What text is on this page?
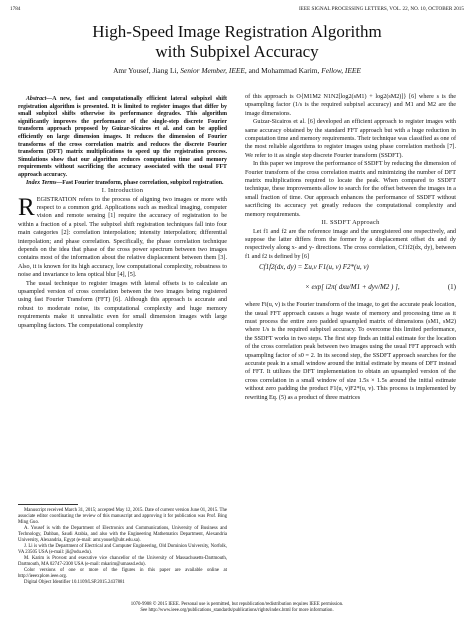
1784	IEEE SIGNAL PROCESSING LETTERS, VOL. 22, NO. 10, OCTOBER 2015
High-Speed Image Registration Algorithm
with Subpixel Accuracy
Amr Yousef, Jiang Li, Senior Member, IEEE, and Mohammad Karim, Fellow, IEEE

Abstract—A new, fast and computationally efficient lateral subpixel shift registration algorithm is presented. It is limited to register images that differ by small subpixel shifts otherwise its performance degrades. This algorithm significantly improves the performance of the single-step discrete Fourier transform approach proposed by Guizar-Sicairos et al. and can be applied efficiently on large dimension images. It reduces the dimension of Fourier transforms of the cross correlation matrix and reduces the discrete Fourier transform (DFT) matrix multiplications to speed up the registration process. Simulations show that our algorithm reduces computation time and memory requirements without sacrificing the accuracy associated with the usual FFT approach accuracy.

Index Terms—Fast Fourier transform, phase correlation, subpixel registration.

I. Introduction

REGISTRATION refers to the process of aligning two images or more with respect to a common grid. Applications such as medical imaging, computer vision and remote sensing [1] require the accuracy of registration to be within a fraction of a pixel. The subpixel shift registration techniques fall into four main categories [2]: correlation interpolation; intensity interpolation; differential interpolation; and phase correlation. Specifically, the phase correlation technique depends on the idea that phase of the cross power spectrum between two images contains most of the information about the relative displacement between them [3]. Also, it is known for its high accuracy, low computational complexity, robustness to noise and invariance to lens optical blur [4], [5].

The usual technique to register images with lateral offsets is to calculate an upsampled version of cross correlation between the two images being registered using fast Fourier Transform (FFT) [6]. Although this approach is accurate and robust to moderate noise, its computational complexity and huge memory requirements make it unrealistic even for small dimension images with large upsampling factors. The computational complexity

Manuscript received March 31, 2015; accepted May 12, 2015. Date of current version June 01, 2015. The associate editor coordinating the review of this manuscript and approving it for publication was Prof. Bing Ming Guo.

A. Yousef is with the Department of Electronics and Communications, University of Business and Technology, Dahban, Saudi Arabia, and also with the Engineering Mathematics Department, Alexandria University, Alexandria, Egypt (e-mail: amr.yousef@ubt.edu.sa).

J. Li is with the Department of Electrical and Computer Engineering, Old Dominion University, Norfolk, VA 23505 USA (e-mail: jli@odu.edu).

M. Karim is Provost and executive vice chancellor of the University of Massachusetts-Dartmouth, Dartmouth, MA 02747-2300 USA (e-mail: mkarim@umassd.edu).

Color versions of one or more of the figures in this paper are available online at http://ieeexplore.ieee.org.

Digital Object Identifier 10.1109/LSP.2015.2437881

of this approach is O{M1M2 N1N2[log2(sM1) + log2(sM2)]} [6] where s is the upsampling factor (1/s is the required subpixel accuracy) and M1 and M2 are the image dimensions.

Guizar-Sicairos et al. [6] developed an efficient approach to register images with same accuracy obtained by the standard FFT approach but with a huge reduction in computation time and memory requirements. Their technique was classified as one of the most reliable algorithms to register images using phase correlation methods [7]. We refer to it as single step discrete Fourier transform (SSDFT).

In this paper we improve the performance of SSDFT by reducing the dimension of Fourier transform of the cross correlation matrix and minimizing the number of DFT matrix multiplications required to locate the peak. When compared to SSDFT technique, these improvements allow to search for the offset between the images in a small fraction of time. Our approach enhances the performance of SSDFT without sacrificing its accuracy yet greatly reduces the computational complexity and memory requirements.

II. SSDFT Approach

Let f1 and f2 are the reference image and the unregistered one respectively, and suppose the latter differs from the former by a displacement offset dx and dy respectively along x- and y- directions. The cross correlation, Cf1f2(dx, dy), between f1 and f2 is defined by [6]

Cf1f2(dx, dy) = Σu,v F1(u, v) F2*(u, v)
× exp[ i2π( dxu/M1 + dyv/M2 ) ],	(1)

where Fi(u, v) is the Fourier transform of the image, to get the accurate peak location, the usual FFT approach causes a huge waste of memory and processing time as it must process the entire zero padded upsampled matrix of dimensions (sM1, sM2) where 1/s is the required subpixel accuracy. To overcome this limited performance, the SSDFT works in two steps. The first step finds an initial estimate for the location of the cross correlation peak between two images using the usual FFT approach with upsampling factor of s0 = 2. In its second step, the SSDFT approach searches for the accurate peak in a small window around the initial estimate by means of DFT instead of FFT. It utilizes the DFT implementation to obtain an upsampled version of the cross correlation in a small window of size 1.5s × 1.5s around the initial estimate without zero padding the product F1(u, v)F2*(u, v). This process is implemented by rewriting Eq. (5) as a product of three matrices

1070-9908 © 2015 IEEE. Personal use is permitted, but republication/redistribution requires IEEE permission.
See http://www.ieee.org/publications_standards/publications/rights/index.html for more information.
